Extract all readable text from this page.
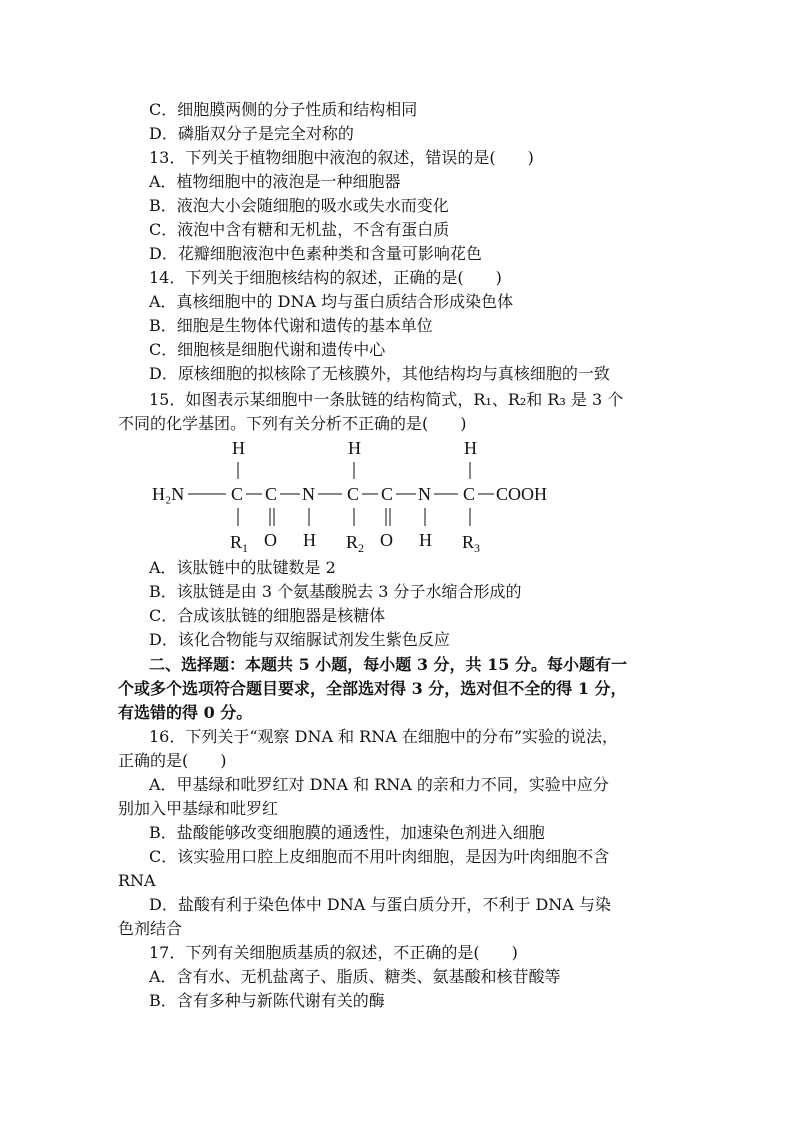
C．细胞膜两侧的分子性质和结构相同
D．磷脂双分子是完全对称的
13．下列关于植物细胞中液泡的叙述，错误的是(　　)
A．植物细胞中的液泡是一种细胞器
B．液泡大小会随细胞的吸水或失水而变化
C．液泡中含有糖和无机盐，不含有蛋白质
D．花瓣细胞液泡中色素种类和含量可影响花色
14．下列关于细胞核结构的叙述，正确的是(　　)
A．真核细胞中的 DNA 均与蛋白质结合形成染色体
B．细胞是生物体代谢和遗传的基本单位
C．细胞核是细胞代谢和遗传中心
D．原核细胞的拟核除了无核膜外，其他结构均与真核细胞的一致
15．如图表示某细胞中一条肽链的结构简式，R₁、R₂和 R₃ 是 3 个
不同的化学基团。下列有关分析不正确的是(　　)
A．该肽链中的肽键数是 2
B．该肽链是由 3 个氨基酸脱去 3 分子水缩合形成的
C．合成该肽链的细胞器是核糖体
D．该化合物能与双缩脲试剂发生紫色反应
二、选择题：本题共 5 小题，每小题 3 分，共 15 分。每小题有一
个或多个选项符合题目要求，全部选对得 3 分，选对但不全的得 1 分，
有选错的得 0 分。
16．下列关于“观察 DNA 和 RNA 在细胞中的分布”实验的说法，
正确的是(　　)
A．甲基绿和吡罗红对 DNA 和 RNA 的亲和力不同，实验中应分
别加入甲基绿和吡罗红
B．盐酸能够改变细胞膜的通透性，加速染色剂进入细胞
C．该实验用口腔上皮细胞而不用叶肉细胞，是因为叶肉细胞不含
RNA
D．盐酸有利于染色体中 DNA 与蛋白质分开，不利于 DNA 与染
色剂结合
17．下列有关细胞质基质的叙述，不正确的是(　　)
A．含有水、无机盐离子、脂质、糖类、氨基酸和核苷酸等
B．含有多种与新陈代谢有关的酶
H	H	H
H₂N	C C N C C N C COOH
$R_1$ O H $R_2$ O H $R_3$
